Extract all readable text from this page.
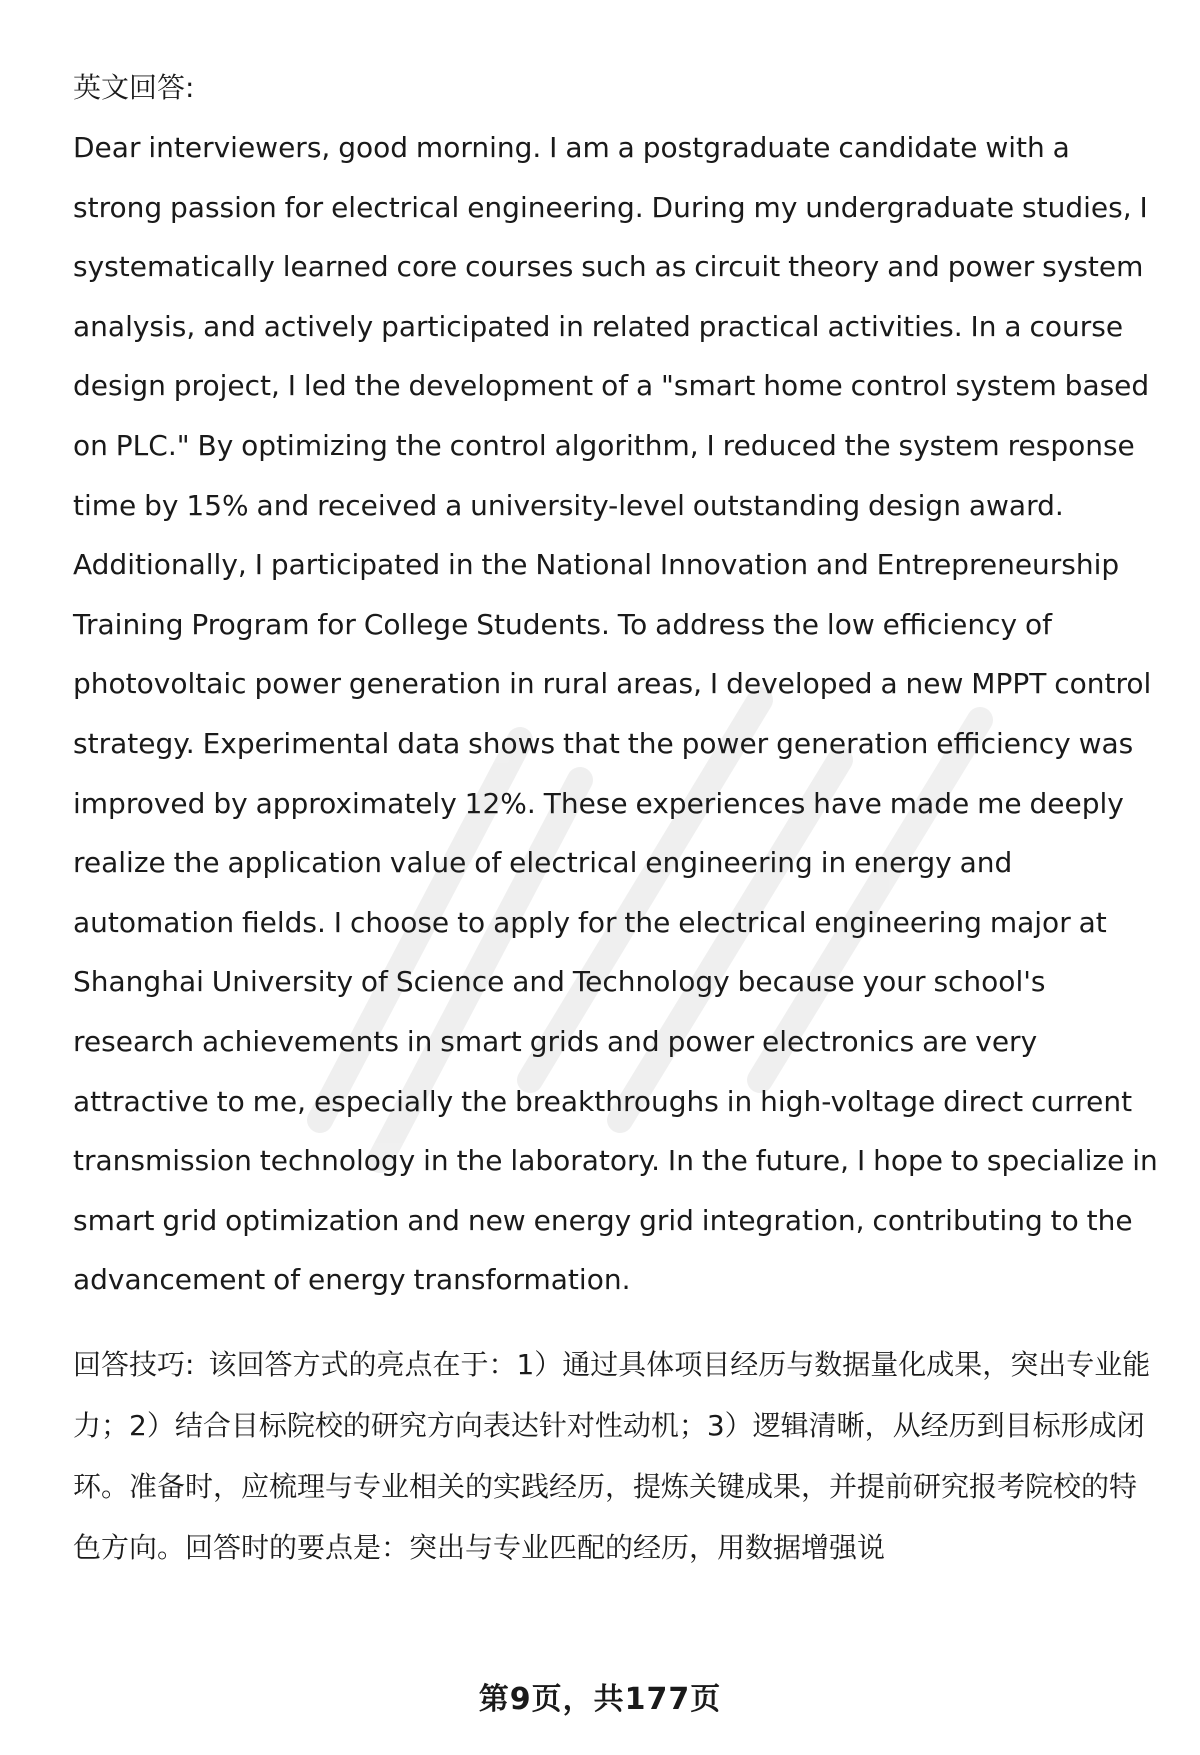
英文回答:

Dear interviewers, good morning. I am a postgraduate candidate with a strong passion for electrical engineering. During my undergraduate studies, I systematically learned core courses such as circuit theory and power system analysis, and actively participated in related practical activities. In a course design project, I led the development of a "smart home control system based on PLC." By optimizing the control algorithm, I reduced the system response time by 15% and received a university-level outstanding design award. Additionally, I participated in the National Innovation and Entrepreneurship Training Program for College Students. To address the low efficiency of photovoltaic power generation in rural areas, I developed a new MPPT control strategy. Experimental data shows that the power generation efficiency was improved by approximately 12%. These experiences have made me deeply realize the application value of electrical engineering in energy and automation fields. I choose to apply for the electrical engineering major at Shanghai University of Science and Technology because your school's research achievements in smart grids and power electronics are very attractive to me, especially the breakthroughs in high-voltage direct current transmission technology in the laboratory. In the future, I hope to specialize in smart grid optimization and new energy grid integration, contributing to the advancement of energy transformation.

回答技巧: 该回答方式的亮点在于：1）通过具体项目经历与数据量化成果，突出专业能力；2）结合目标院校的研究方向表达针对性动机；3）逻辑清晰，从经历到目标形成闭环。准备时，应梳理与专业相关的实践经历，提炼关键成果，并提前研究报考院校的特色方向。回答时的要点是：突出与专业匹配的经历，用数据增强说

第9页，共177页
